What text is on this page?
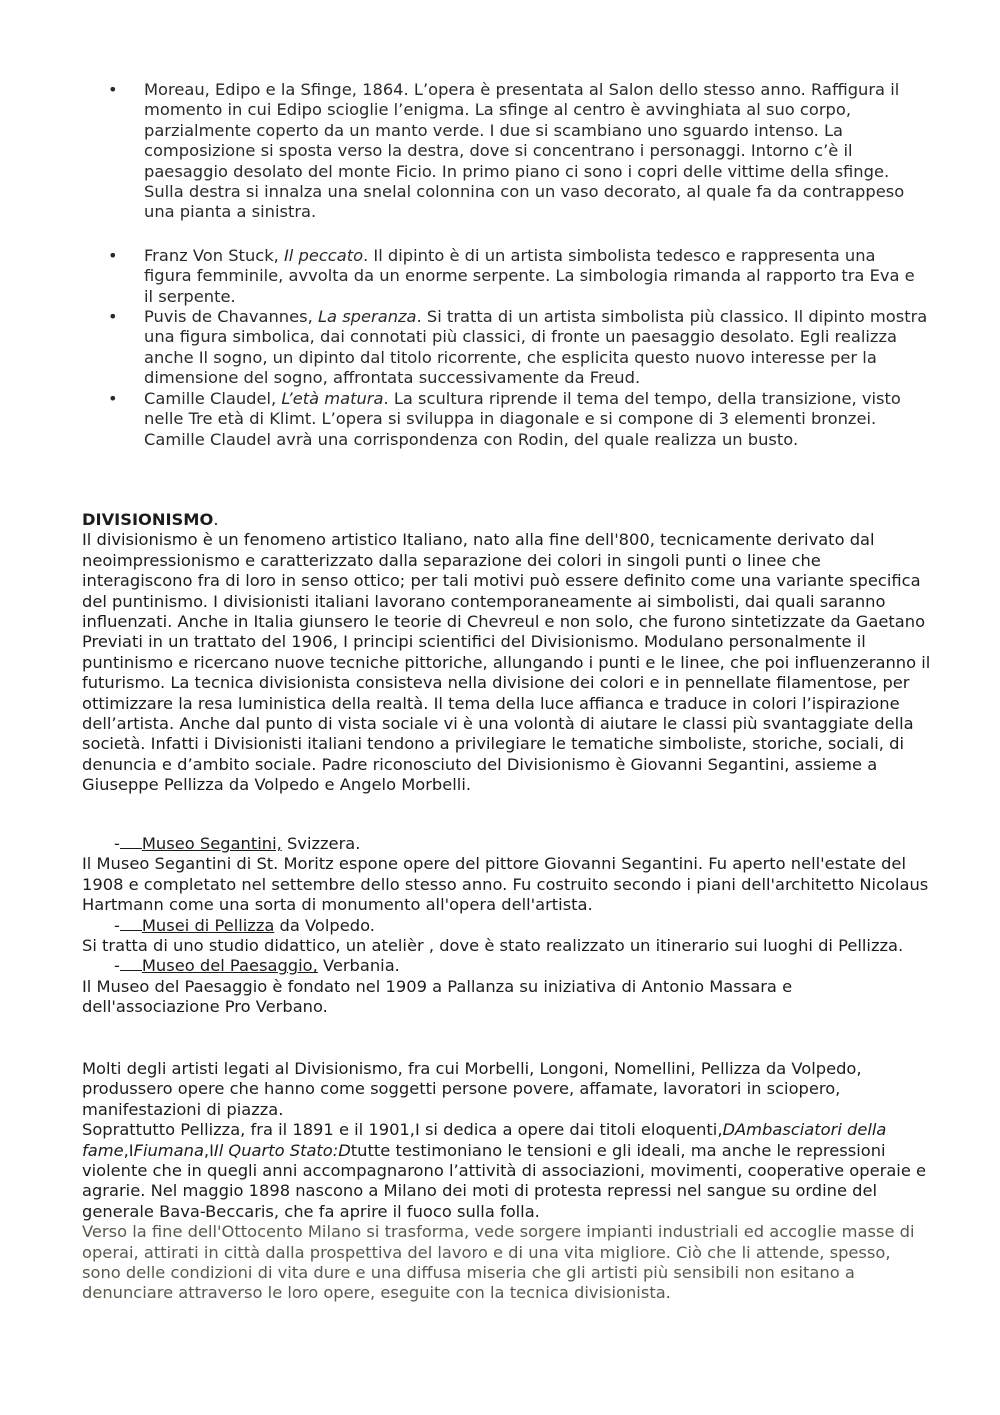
• Moreau, Edipo e la Sfinge, 1864. L’opera è presentata al Salon dello stesso anno. Raffigura il momento in cui Edipo scioglie l’enigma. La sfinge al centro è avvinghiata al suo corpo, parzialmente coperto da un manto verde. I due si scambiano uno sguardo intenso. La composizione si sposta verso la destra, dove si concentrano i personaggi. Intorno c’è il paesaggio desolato del monte Ficio. In primo piano ci sono i copri delle vittime della sfinge. Sulla destra si innalza una snelal colonnina con un vaso decorato, al quale fa da contrappeso una pianta a sinistra.
• Franz Von Stuck, Il peccato. Il dipinto è di un artista simbolista tedesco e rappresenta una figura femminile, avvolta da un enorme serpente. La simbologia rimanda al rapporto tra Eva e il serpente.
• Puvis de Chavannes, La speranza. Si tratta di un artista simbolista più classico. Il dipinto mostra una figura simbolica, dai connotati più classici, di fronte un paesaggio desolato. Egli realizza anche Il sogno, un dipinto dal titolo ricorrente, che esplicita questo nuovo interesse per la dimensione del sogno, affrontata successivamente da Freud.
• Camille Claudel, L’età matura. La scultura riprende il tema del tempo, della transizione, visto nelle Tre età di Klimt. L’opera si sviluppa in diagonale e si compone di 3 elementi bronzei. Camille Claudel avrà una corrispondenza con Rodin, del quale realizza un busto.
DIVISIONISMO.
Il divisionismo è un fenomeno artistico Italiano, nato alla fine dell'800, tecnicamente derivato dal neoimpressionismo e caratterizzato dalla separazione dei colori in singoli punti o linee che interagiscono fra di loro in senso ottico; per tali motivi può essere definito come una variante specifica del puntinismo. I divisionisti italiani lavorano contemporaneamente ai simbolisti, dai quali saranno influenzati. Anche in Italia giunsero le teorie di Chevreul e non solo, che furono sintetizzate da Gaetano Previati in un trattato del 1906, I principi scientifici del Divisionismo. Modulano personalmente il puntinismo e ricercano nuove tecniche pittoriche, allungando i punti e le linee, che poi influenzeranno il futurismo. La tecnica divisionista consisteva nella divisione dei colori e in pennellate filamentose, per ottimizzare la resa luministica della realtà. Il tema della luce affianca e traduce in colori l’ispirazione dell’artista. Anche dal punto di vista sociale vi è una volontà di aiutare le classi più svantaggiate della società. Infatti i Divisionisti italiani tendono a privilegiare le tematiche simboliste, storiche, sociali, di denuncia e d’ambito sociale. Padre riconosciuto del Divisionismo è Giovanni Segantini, assieme a Giuseppe Pellizza da Volpedo e Angelo Morbelli.
- Museo Segantini, Svizzera.
Il Museo Segantini di St. Moritz espone opere del pittore Giovanni Segantini. Fu aperto nell'estate del 1908 e completato nel settembre dello stesso anno. Fu costruito secondo i piani dell'architetto Nicolaus Hartmann come una sorta di monumento all'opera dell'artista.
- Musei di Pellizza da Volpedo.
Si tratta di uno studio didattico, un atelièr , dove è stato realizzato un itinerario sui luoghi di Pellizza.
- Museo del Paesaggio, Verbania.
Il Museo del Paesaggio è fondato nel 1909 a Pallanza su iniziativa di Antonio Massara e dell'associazione Pro Verbano.
Molti degli artisti legati al Divisionismo, fra cui Morbelli, Longoni, Nomellini, Pellizza da Volpedo, produssero opere che hanno come soggetti persone povere, affamate, lavoratori in sciopero, manifestazioni di piazza.
Soprattutto Pellizza, fra il 1891 e il 1901,I si dedica a opere dai titoli eloquenti,DAmbasciatori della fame,IFiumana,IIl Quarto Stato:Dtutte testimoniano le tensioni e gli ideali, ma anche le repressioni violente che in quegli anni accompagnarono l’attività di associazioni, movimenti, cooperative operaie e agrarie. Nel maggio 1898 nascono a Milano dei moti di protesta repressi nel sangue su ordine del generale Bava-Beccaris, che fa aprire il fuoco sulla folla.
Verso la fine dell'Ottocento Milano si trasforma, vede sorgere impianti industriali ed accoglie masse di operai, attirati in città dalla prospettiva del lavoro e di una vita migliore. Ciò che li attende, spesso, sono delle condizioni di vita dure e una diffusa miseria che gli artisti più sensibili non esitano a denunciare attraverso le loro opere, eseguite con la tecnica divisionista.
